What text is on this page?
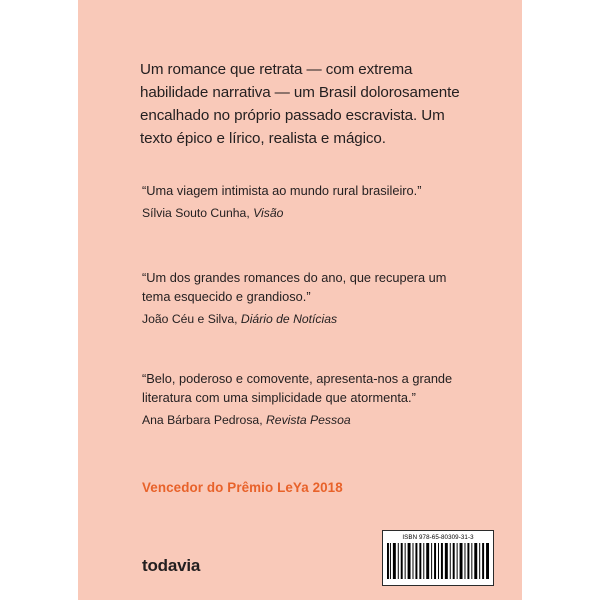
Um romance que retrata — com extrema habilidade narrativa — um Brasil dolorosamente encalhado no próprio passado escravista. Um texto épico e lírico, realista e mágico.

“Uma viagem intimista ao mundo rural brasileiro.”

Sílvia Souto Cunha, Visão

“Um dos grandes romances do ano, que recupera um tema esquecido e grandioso.”

João Céu e Silva, Diário de Notícias

“Belo, poderoso e comovente, apresenta-nos a grande literatura com uma simplicidade que atormenta.”

Ana Bárbara Pedrosa, Revista Pessoa

Vencedor do Prêmio LeYa 2018
ISBN 978-65-80309-31-3
todavia
